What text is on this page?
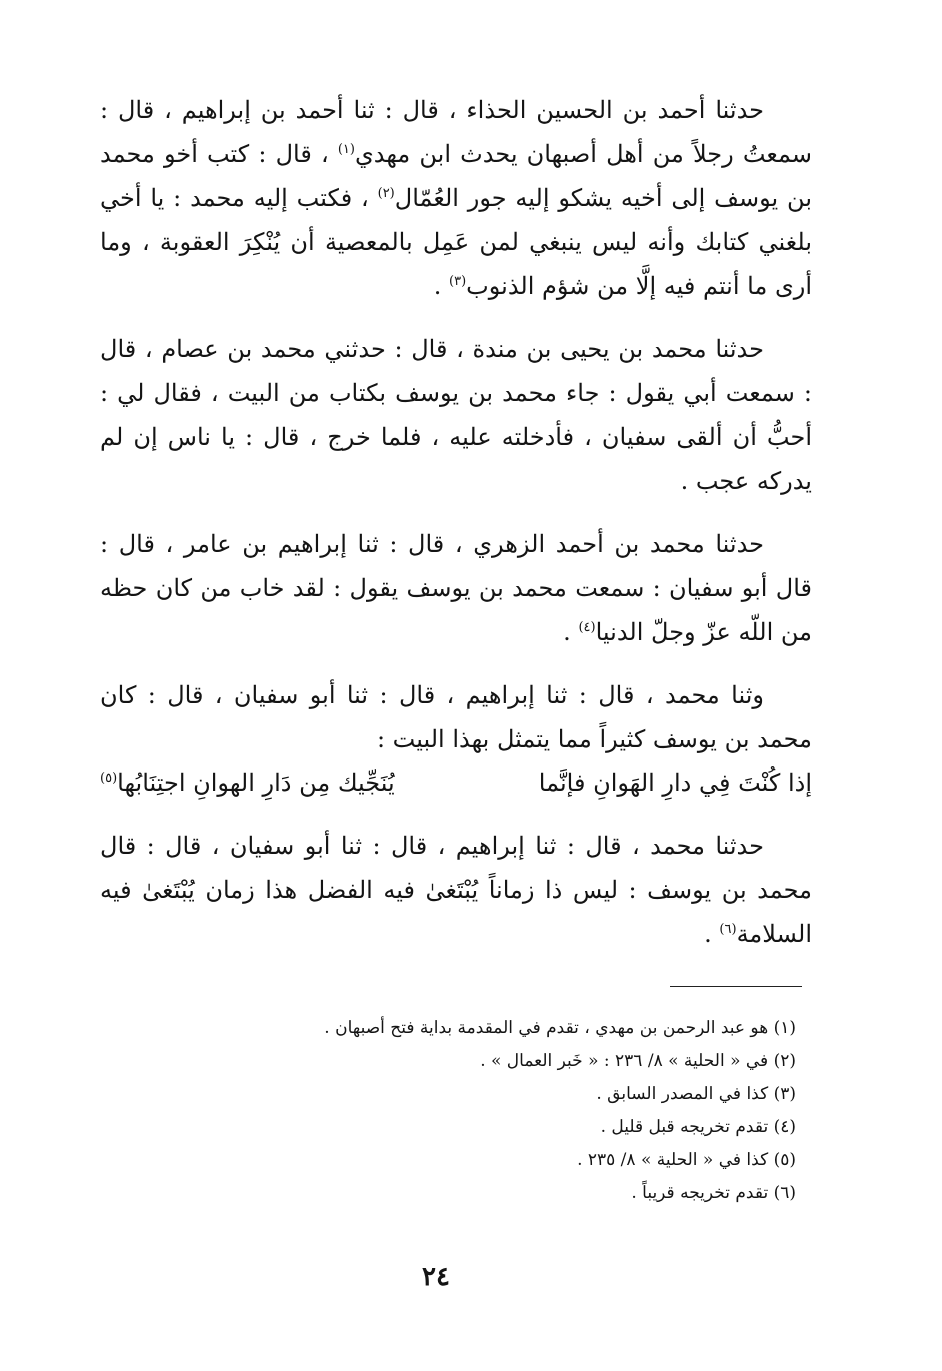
حدثنا أحمد بن الحسين الحذاء ، قال : ثنا أحمد بن إبراهيم ، قال : سمعتُ رجلاً من أهل أصبهان يحدث ابن مهدي$^{(١)}$ ، قال : كتب أخو محمد بن يوسف إلى أخيه يشكو إليه جور العُمّال$^{(٢)}$ ، فكتب إليه محمد : يا أخي بلغني كتابك وأنه ليس ينبغي لمن عَمِل بالمعصية أن يُنْكِرَ العقوبة ، وما أرى ما أنتم فيه إلَّا من شؤم الذنوب$^{(٣)}$ .

حدثنا محمد بن يحيى بن مندة ، قال : حدثني محمد بن عصام ، قال : سمعت أبي يقول : جاء محمد بن يوسف بكتاب من البيت ، فقال لي : أحبُّ أن ألقى سفيان ، فأدخلته عليه ، فلما خرج ، قال : يا ناس إن لم يدركه عجب .

حدثنا محمد بن أحمد الزهري ، قال : ثنا إبراهيم بن عامر ، قال : قال أبو سفيان : سمعت محمد بن يوسف يقول : لقد خاب من كان حظه من اللّه عزّ وجلّ الدنيا$^{(٤)}$ .

وثنا محمد ، قال : ثنا إبراهيم ، قال : ثنا أبو سفيان ، قال : كان محمد بن يوسف كثيراً مما يتمثل بهذا البيت :

إذا كُنْتَ فِي دارِ الهَوانِ فإنَّما
يُنَجِّيك مِن دَارِ الهوانِ اجتِنَابُها$^{(٥)}$

حدثنا محمد ، قال : ثنا إبراهيم ، قال : ثنا أبو سفيان ، قال : قال محمد بن يوسف : ليس ذا زماناً يُبْتَغىٰ فيه الفضل هذا زمان يُبْتَغىٰ فيه السلامة$^{(٦)}$ .

(١) هو عبد الرحمن بن مهدي ، تقدم في المقدمة بداية فتح أصبهان .
(٢) في « الحلية » ٨/ ٢٣٦ : « خَبر العمال » .
(٣) كذا في المصدر السابق .
(٤) تقدم تخريجه قبل قليل .
(٥) كذا في « الحلية » ٨/ ٢٣٥ .
(٦) تقدم تخريجه قريباً .
٢٤
